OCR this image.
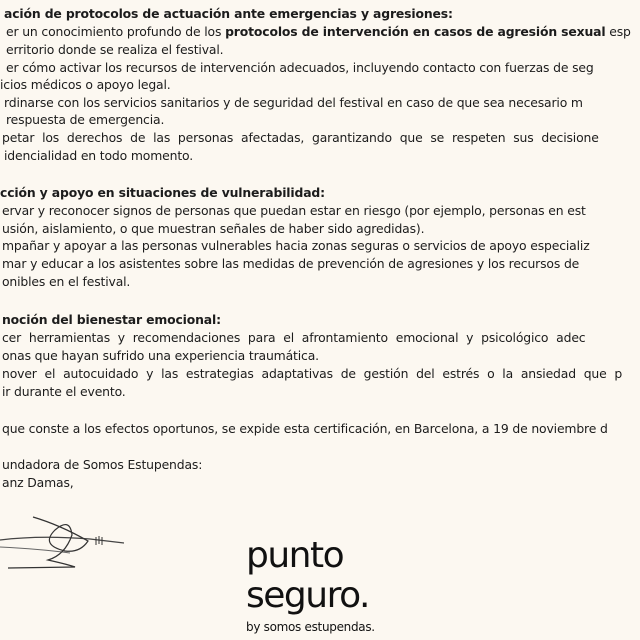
ación de protocolos de actuación ante emergencias y agresiones:
er un conocimiento profundo de los protocolos de intervención en casos de agresión sexual esp
erritorio donde se realiza el festival.
er cómo activar los recursos de intervención adecuados, incluyendo contacto con fuerzas de seg
icios médicos o apoyo legal.
rdinarse con los servicios sanitarios y de seguridad del festival en caso de que sea necesario m
respuesta de emergencia.
petar los derechos de las personas afectadas, garantizando que se respeten sus decisione
idencialidad en todo momento.
cción y apoyo en situaciones de vulnerabilidad:
ervar y reconocer signos de personas que puedan estar en riesgo (por ejemplo, personas en est
usión, aislamiento, o que muestran señales de haber sido agredidas).
mpañar y apoyar a las personas vulnerables hacia zonas seguras o servicios de apoyo especializ
mar y educar a los asistentes sobre las medidas de prevención de agresiones y los recursos de
onibles en el festival.
noción del bienestar emocional:
cer herramientas y recomendaciones para el afrontamiento emocional y psicológico adec
onas que hayan sufrido una experiencia traumática.
nover el autocuidado y las estrategias adaptativas de gestión del estrés o la ansiedad que p
ir durante el evento.
que conste a los efectos oportunos, se expide esta certificación, en Barcelona, a 19 de noviembre d
undadora de Somos Estupendas:
anz Damas,
punto
seguro.
by somos estupendas.
